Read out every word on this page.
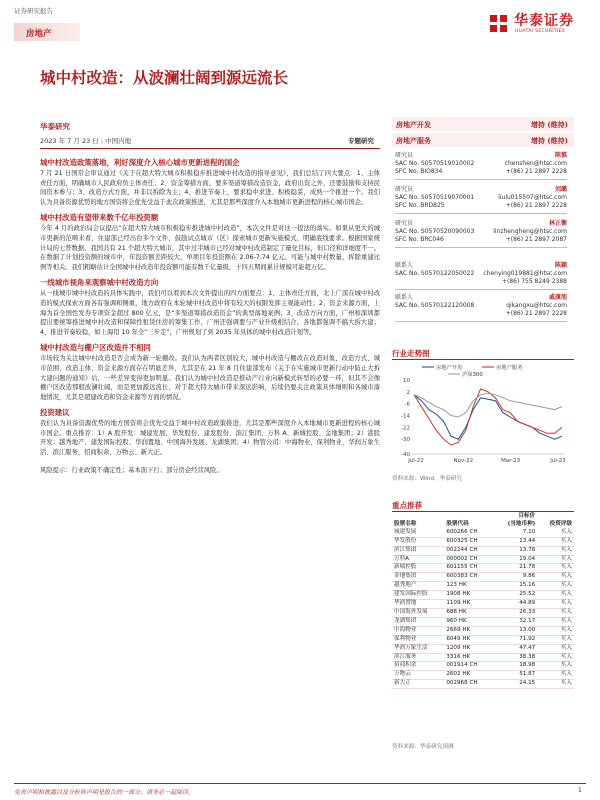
证券研究报告
房地产
华泰证券
HUATAI SECURITIES
城中村改造：从波澜壮阔到源远流长
华泰研究
2023 年 7 月 23 日 | 中国内地	专题研究
房地产开发	增持 (维持)
房地产服务	增持 (维持)
研究员	陈慎
SAC No. S0570519010002	chenshen@htsc.com
SFC No. BIO834	+(86) 21 2897 2228
研究员	刘璐
SAC No. S0570519070001	liulu015507@htsc.com
SFC No. BRD825	+(86) 21 2897 2228
研究员	林正衡
SAC No. S0570520090003	linzhengheng@htsc.com
SFC No. BRC046	+(86) 21 2897 2087
联系人	陈颖
SAC No. S0570122050022 chenying019881@htsc.com
+(86) 755 8249 2388
联系人	戚康旭
SAC No. S0570122120008	qikangxu@htsc.com
+(86) 21 2897 2228
城中村改造政策落地，利好深度介入核心城市更新进程的国企
7 月 21 日国常会审议通过《关于在超大特大城市积极稳步推进城中村改造的指导意见》，我们总结了四大要点：1、主体责任方面，明确城市人民政府负主体责任；2、资金筹措方面，要多渠道筹措改造资金，政府出资之外，还要鼓励和支持民间资本参与；3、改造方式方面，并非以拆除为主；4、推进节奏上，要求稳中求进、积极稳妥，成熟一个推进一个。我们认为具备资源优势的地方国资将会优先受益于此次政策推进，尤其是那些深度介入本地城市更新进程的核心城市国企。
城中村改造有望带来数千亿年投资额
今年 4 月的政治局会议提出“在超大特大城市积极稳步推进城中村改造”，本次文件是对这一提法的落实。如果从更大的城市更新的范畴来看，住建部已经出台多个文件，鼓励试点城市（区）探索城市更新实施模式，明确底线要求。根据国家统计局的七普数据，我国共有 21 个超大特大城市，其中过半城市已经对城中村改造制定了量化目标，但口径和详细度不一。在数据了计划投资额的城市中，年投资额差距较大，单项目年投资额在 2.06-7.74 亿元。可能与城中村数量、拆除重建比例等相关。我们粗略估计全国城中村改造年投资额可能有数千亿量级，十四五期间累计规模可能超万亿。
一线城市视角来观察城中村改造方向
从一线城市城中村改造的具体实践中，我们可以看到本次文件提出的四方面要点：1、主体责任方面，北上广深在城中村改造的模式探索方面各有强调和侧重，地方政府在本轮城中村改造中将有较大的权限发挥主观能动性；2、资金来源方面，上海为首全国性发券专项资金超过 800 亿元，是“多渠道筹措改造资金”的典型落地案例；3、改造方向方面，广州和深圳都提出要统筹推进城中村改造和保障性租赁住房的筹集工作，广州还强调要与产业升级相结合，各地都强调不搞大拆大建；4、推进节奏较稳，如上海用 10 年全“三步走”，广州规划了到 2035 年具体的城中村改造计划等。
城中村改造与棚户区改造并不相同
市场较为关注城中村改造是否会成为新一轮棚改。我们认为两者区别较大，城中村改造与棚改在改造对象、改造方式、城市范围、改造主体、资金来源方面存在明显差异，尤其是在 21 年 8 月住建部发布《关于在实施城市更新行动中防止大拆大建问题的通知》后，一些差异变得更加明显。我们认为城中村改造是推动产行业向新模式转型的必要一环，但其不会像棚户区改造那般波澜壮阔，而是更加源远流长，对于超大特大城市带来深远影响，后续仍要关注政策具体细则和各城市落地情况，尤其是超建改造和资金来源等方面的情况。
投资建议
我们认为具备资源优势的地方国资将会优先受益于城中村改造政策推进，尤其是那些深度介入本地城市更新进程的核心城市国企。重点推荐：1）A 股开发：城建发展、华发股份、建发股份、滨江集团、万科 A、新城控股、金地集团；2）港股开发：越秀地产、建发国际控股、华润置地、中国海外发展、龙湖集团；4）物管公司：中海物业、保利物业、华润万象生活、滨江服务、招商积余、万物云、新大正。
风险提示：行业政策不确定性；基本面下行；部分房企经营风险。
行业走势图
10
2
-6
-14
-22
-30
-40
Jul-22	Nov-22	Mar-23	Jul-23
房地产开发	房地产服务
沪深300
资料来源：Wind，华泰研究
重点推荐
		目标价	
股票名称	股票代码	(当地币种)	投资评级
城建发展	600266 CH	7.10	买入
华发股份	600325 CH	13.44	买入
滨江集团	002244 CH	13.78	买入
万科A	000002 CH	19.04	买入
新城控股	601155 CH	21.78	买入
金地集团	600383 CH	9.86	买入
越秀地产	123 HK	15.16	买入
建发国际控股	1908 HK	25.52	买入
华润置地	1109 HK	44.89	买入
中国海外发展	688 HK	26.33	买入
龙湖集团	960 HK	32.17	买入
中海物业	2669 HK	13.00	买入
保利物业	6049 HK	71.92	买入
华润万象生活	1209 HK	47.47	买入
滨江服务	3316 HK	38.38	买入
招商积余	001914 CH	18.98	买入
万物云	2602 HK	51.87	买入
新大正	002968 CH	24.15	买入
资料来源：华泰研究预测
免责声明和披露以及分析师声明是报告的一部分，请务必一起阅读。	1
